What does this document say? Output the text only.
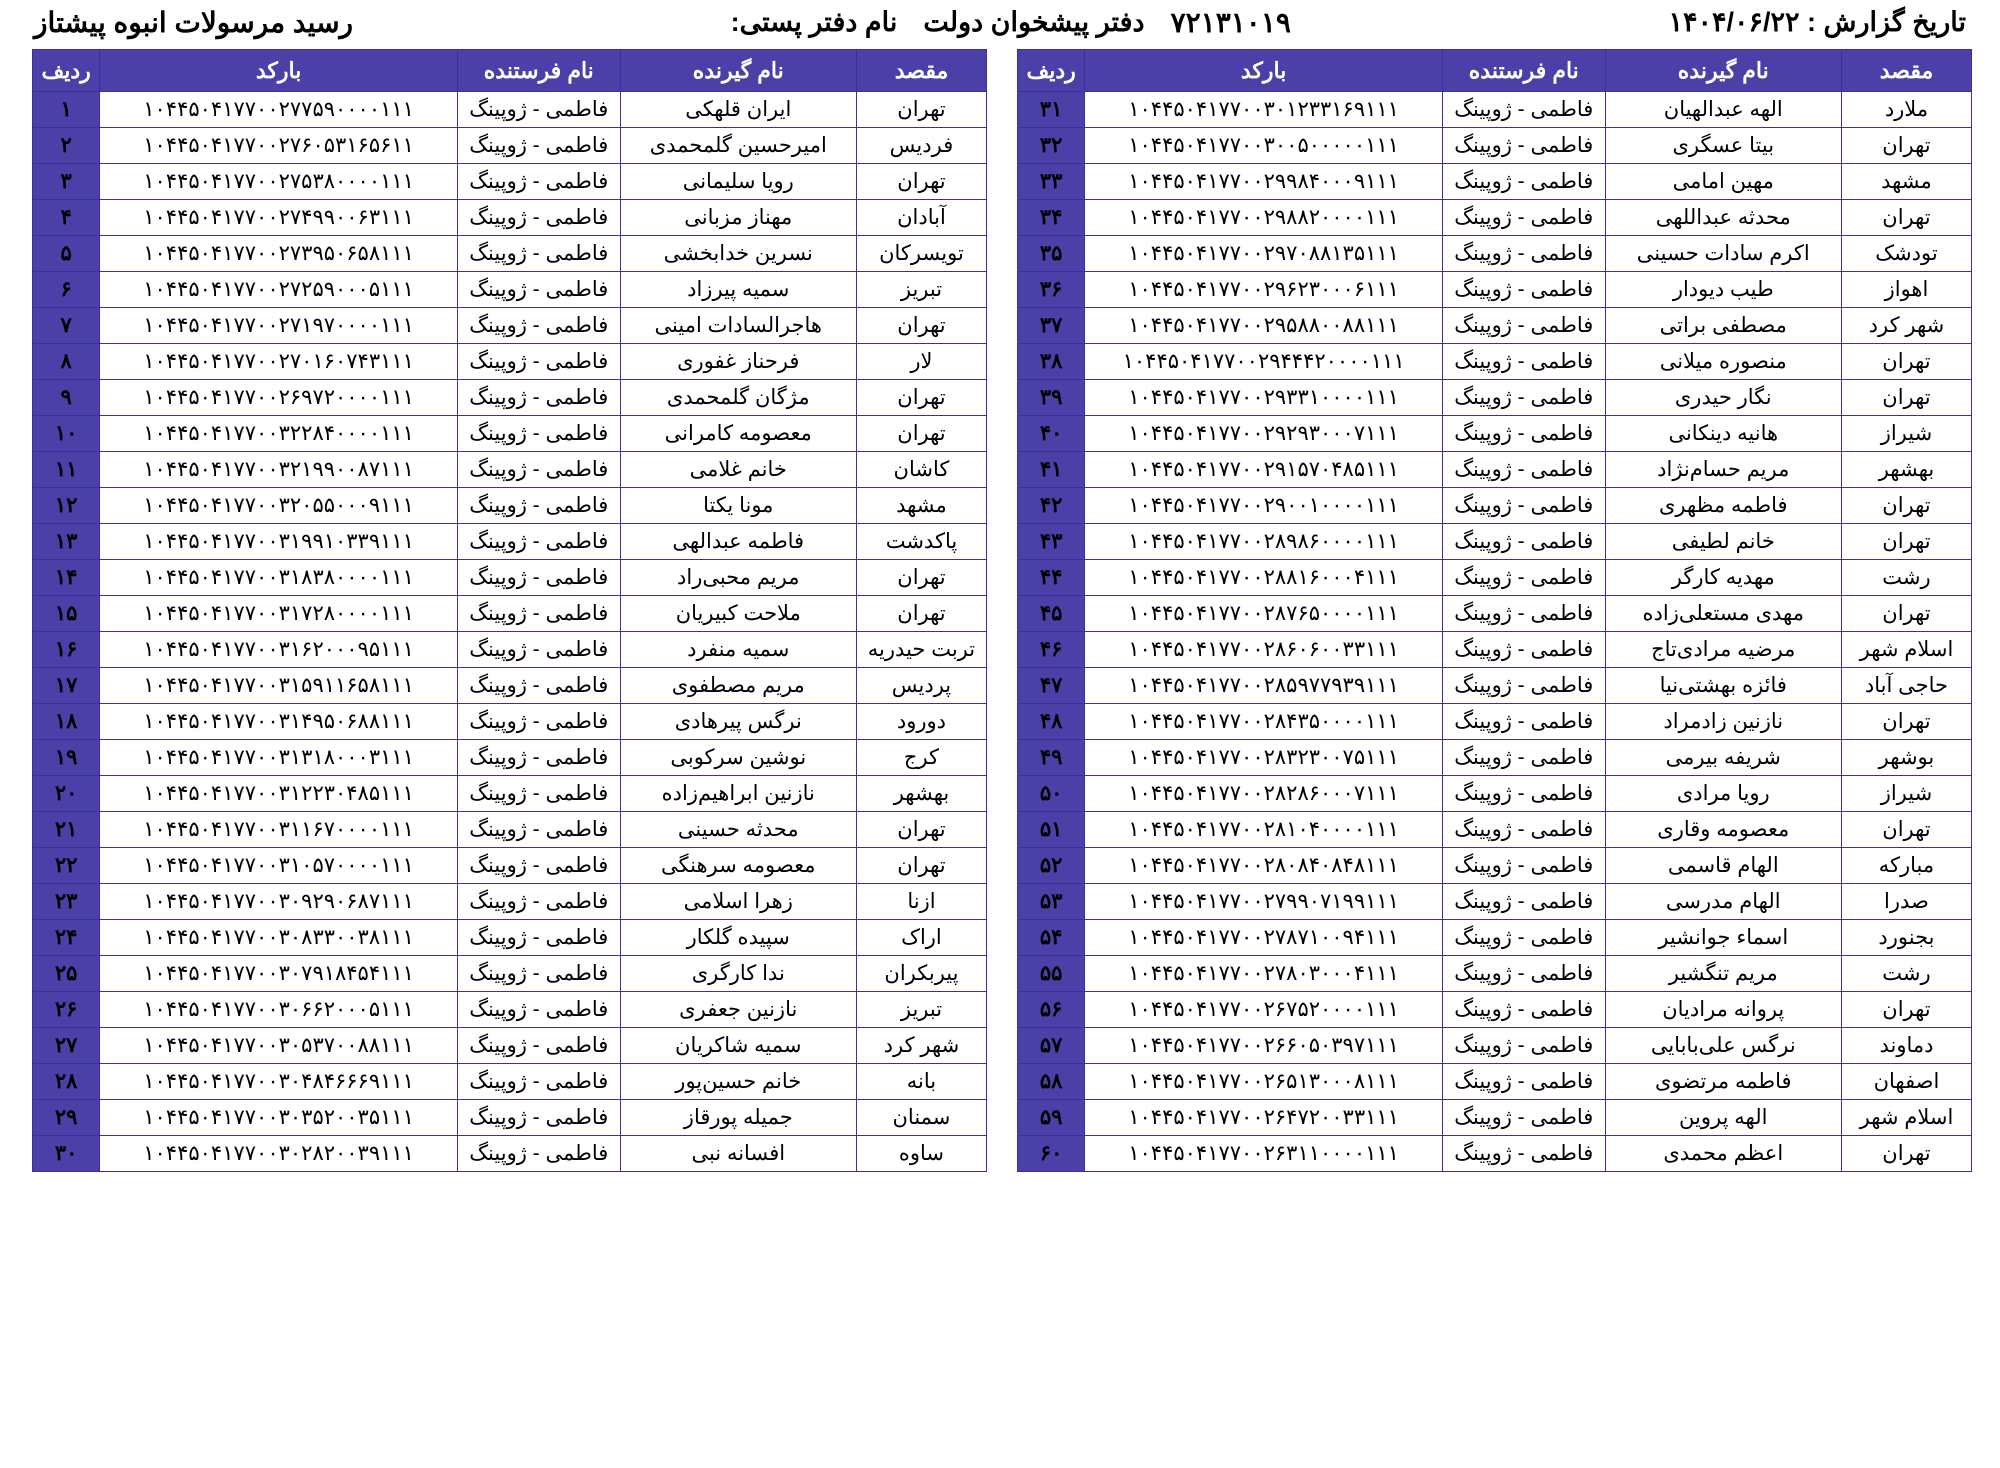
رسید مرسولات انبوه پیشتاز	نام دفتر پستی: دفتر پیشخوان دولت ۷۲۱۳۱۰۱۹	تاریخ گزارش : ۱۴۰۴/۰۶/۲۲
مقصد	نام گیرنده	نام فرستنده	بارکد	ردیف
ملارد	الهه عبدالهیان	فاطمی - ژوپینگ	۱۰۴۴۵۰۴۱۷۷۰۰۳۰۱۲۳۳۱۶۹۱۱۱	۳۱
تهران	بیتا عسگری	فاطمی - ژوپینگ	۱۰۴۴۵۰۴۱۷۷۰۰۳۰۰۵۰۰۰۰۰۱۱۱	۳۲
مشهد	مهین امامی	فاطمی - ژوپینگ	۱۰۴۴۵۰۴۱۷۷۰۰۲۹۹۸۴۰۰۰۹۱۱۱	۳۳
تهران	محدثه عبداللهی	فاطمی - ژوپینگ	۱۰۴۴۵۰۴۱۷۷۰۰۲۹۸۸۲۰۰۰۰۱۱۱	۳۴
تودشک	اکرم سادات حسینی	فاطمی - ژوپینگ	۱۰۴۴۵۰۴۱۷۷۰۰۲۹۷۰۸۸۱۳۵۱۱۱	۳۵
اهواز	طیب دیودار	فاطمی - ژوپینگ	۱۰۴۴۵۰۴۱۷۷۰۰۲۹۶۲۳۰۰۰۶۱۱۱	۳۶
شهر کرد	مصطفی براتی	فاطمی - ژوپینگ	۱۰۴۴۵۰۴۱۷۷۰۰۲۹۵۸۸۰۰۸۸۱۱۱	۳۷
تهران	منصوره میلانی	فاطمی - ژوپینگ	۱۰۴۴۵۰۴۱۷۷۰۰۲۹۴۴۴۲۰۰۰۰۱۱۱	۳۸
تهران	نگار حیدری	فاطمی - ژوپینگ	۱۰۴۴۵۰۴۱۷۷۰۰۲۹۳۳۱۰۰۰۰۱۱۱	۳۹
شیراز	هانیه دینکانی	فاطمی - ژوپینگ	۱۰۴۴۵۰۴۱۷۷۰۰۲۹۲۹۳۰۰۰۷۱۱۱	۴۰
بهشهر	مریم حسام‌نژاد	فاطمی - ژوپینگ	۱۰۴۴۵۰۴۱۷۷۰۰۲۹۱۵۷۰۴۸۵۱۱۱	۴۱
تهران	فاطمه مظهری	فاطمی - ژوپینگ	۱۰۴۴۵۰۴۱۷۷۰۰۲۹۰۰۱۰۰۰۰۱۱۱	۴۲
تهران	خانم لطیفی	فاطمی - ژوپینگ	۱۰۴۴۵۰۴۱۷۷۰۰۲۸۹۸۶۰۰۰۰۱۱۱	۴۳
رشت	مهدیه کارگر	فاطمی - ژوپینگ	۱۰۴۴۵۰۴۱۷۷۰۰۲۸۸۱۶۰۰۰۴۱۱۱	۴۴
تهران	مهدی مستعلی‌زاده	فاطمی - ژوپینگ	۱۰۴۴۵۰۴۱۷۷۰۰۲۸۷۶۵۰۰۰۰۱۱۱	۴۵
اسلام شهر	مرضیه مرادی‌تاج	فاطمی - ژوپینگ	۱۰۴۴۵۰۴۱۷۷۰۰۲۸۶۰۶۰۰۳۳۱۱۱	۴۶
حاجی آباد	فائزه بهشتی‌نیا	فاطمی - ژوپینگ	۱۰۴۴۵۰۴۱۷۷۰۰۲۸۵۹۷۷۹۳۹۱۱۱	۴۷
تهران	نازنین زادمراد	فاطمی - ژوپینگ	۱۰۴۴۵۰۴۱۷۷۰۰۲۸۴۳۵۰۰۰۰۱۱۱	۴۸
بوشهر	شریفه بیرمی	فاطمی - ژوپینگ	۱۰۴۴۵۰۴۱۷۷۰۰۲۸۳۲۳۰۰۷۵۱۱۱	۴۹
شیراز	رویا مرادی	فاطمی - ژوپینگ	۱۰۴۴۵۰۴۱۷۷۰۰۲۸۲۸۶۰۰۰۷۱۱۱	۵۰
تهران	معصومه وقاری	فاطمی - ژوپینگ	۱۰۴۴۵۰۴۱۷۷۰۰۲۸۱۰۴۰۰۰۰۱۱۱	۵۱
مبارکه	الهام قاسمی	فاطمی - ژوپینگ	۱۰۴۴۵۰۴۱۷۷۰۰۲۸۰۸۴۰۸۴۸۱۱۱	۵۲
صدرا	الهام مدرسی	فاطمی - ژوپینگ	۱۰۴۴۵۰۴۱۷۷۰۰۲۷۹۹۰۷۱۹۹۱۱۱	۵۳
بجنورد	اسماء جوانشیر	فاطمی - ژوپینگ	۱۰۴۴۵۰۴۱۷۷۰۰۲۷۸۷۱۰۰۹۴۱۱۱	۵۴
رشت	مریم تنگشیر	فاطمی - ژوپینگ	۱۰۴۴۵۰۴۱۷۷۰۰۲۷۸۰۳۰۰۰۴۱۱۱	۵۵
تهران	پروانه مرادیان	فاطمی - ژوپینگ	۱۰۴۴۵۰۴۱۷۷۰۰۲۶۷۵۲۰۰۰۰۱۱۱	۵۶
دماوند	نرگس علی‌بابایی	فاطمی - ژوپینگ	۱۰۴۴۵۰۴۱۷۷۰۰۲۶۶۰۵۰۳۹۷۱۱۱	۵۷
اصفهان	فاطمه مرتضوی	فاطمی - ژوپینگ	۱۰۴۴۵۰۴۱۷۷۰۰۲۶۵۱۳۰۰۰۸۱۱۱	۵۸
اسلام شهر	الهه پروین	فاطمی - ژوپینگ	۱۰۴۴۵۰۴۱۷۷۰۰۲۶۴۷۲۰۰۳۳۱۱۱	۵۹
تهران	اعظم محمدی	فاطمی - ژوپینگ	۱۰۴۴۵۰۴۱۷۷۰۰۲۶۳۱۱۰۰۰۰۱۱۱	۶۰
مقصد	نام گیرنده	نام فرستنده	بارکد	ردیف
تهران	ایران قلهکی	فاطمی - ژوپینگ	۱۰۴۴۵۰۴۱۷۷۰۰۲۷۷۵۹۰۰۰۰۱۱۱	۱
فردیس	امیرحسین گلمحمدی	فاطمی - ژوپینگ	۱۰۴۴۵۰۴۱۷۷۰۰۲۷۶۰۵۳۱۶۵۶۱۱	۲
تهران	رویا سلیمانی	فاطمی - ژوپینگ	۱۰۴۴۵۰۴۱۷۷۰۰۲۷۵۳۸۰۰۰۰۱۱۱	۳
آبادان	مهناز مزبانی	فاطمی - ژوپینگ	۱۰۴۴۵۰۴۱۷۷۰۰۲۷۴۹۹۰۰۶۳۱۱۱	۴
تویسرکان	نسرین خدابخشی	فاطمی - ژوپینگ	۱۰۴۴۵۰۴۱۷۷۰۰۲۷۳۹۵۰۶۵۸۱۱۱	۵
تبریز	سمیه پیرزاد	فاطمی - ژوپینگ	۱۰۴۴۵۰۴۱۷۷۰۰۲۷۲۵۹۰۰۰۵۱۱۱	۶
تهران	هاجرالسادات امینی	فاطمی - ژوپینگ	۱۰۴۴۵۰۴۱۷۷۰۰۲۷۱۹۷۰۰۰۰۱۱۱	۷
لار	فرحناز غفوری	فاطمی - ژوپینگ	۱۰۴۴۵۰۴۱۷۷۰۰۲۷۰۱۶۰۷۴۳۱۱۱	۸
تهران	مژگان گلمحمدی	فاطمی - ژوپینگ	۱۰۴۴۵۰۴۱۷۷۰۰۲۶۹۷۲۰۰۰۰۱۱۱	۹
تهران	معصومه کامرانی	فاطمی - ژوپینگ	۱۰۴۴۵۰۴۱۷۷۰۰۳۲۲۸۴۰۰۰۰۱۱۱	۱۰
کاشان	خانم غلامی	فاطمی - ژوپینگ	۱۰۴۴۵۰۴۱۷۷۰۰۳۲۱۹۹۰۰۸۷۱۱۱	۱۱
مشهد	مونا یکتا	فاطمی - ژوپینگ	۱۰۴۴۵۰۴۱۷۷۰۰۳۲۰۵۵۰۰۰۹۱۱۱	۱۲
پاکدشت	فاطمه عبدالهی	فاطمی - ژوپینگ	۱۰۴۴۵۰۴۱۷۷۰۰۳۱۹۹۱۰۳۳۹۱۱۱	۱۳
تهران	مریم محبی‌راد	فاطمی - ژوپینگ	۱۰۴۴۵۰۴۱۷۷۰۰۳۱۸۳۸۰۰۰۰۱۱۱	۱۴
تهران	ملاحت کبیریان	فاطمی - ژوپینگ	۱۰۴۴۵۰۴۱۷۷۰۰۳۱۷۲۸۰۰۰۰۱۱۱	۱۵
تربت حیدریه	سمیه منفرد	فاطمی - ژوپینگ	۱۰۴۴۵۰۴۱۷۷۰۰۳۱۶۲۰۰۰۹۵۱۱۱	۱۶
پردیس	مریم مصطفوی	فاطمی - ژوپینگ	۱۰۴۴۵۰۴۱۷۷۰۰۳۱۵۹۱۱۶۵۸۱۱۱	۱۷
دورود	نرگس پیرهادی	فاطمی - ژوپینگ	۱۰۴۴۵۰۴۱۷۷۰۰۳۱۴۹۵۰۶۸۸۱۱۱	۱۸
کرج	نوشین سرکوبی	فاطمی - ژوپینگ	۱۰۴۴۵۰۴۱۷۷۰۰۳۱۳۱۸۰۰۰۳۱۱۱	۱۹
بهشهر	نازنین ابراهیم‌زاده	فاطمی - ژوپینگ	۱۰۴۴۵۰۴۱۷۷۰۰۳۱۲۲۳۰۴۸۵۱۱۱	۲۰
تهران	محدثه حسینی	فاطمی - ژوپینگ	۱۰۴۴۵۰۴۱۷۷۰۰۳۱۱۶۷۰۰۰۰۱۱۱	۲۱
تهران	معصومه سرهنگی	فاطمی - ژوپینگ	۱۰۴۴۵۰۴۱۷۷۰۰۳۱۰۵۷۰۰۰۰۱۱۱	۲۲
ازنا	زهرا اسلامی	فاطمی - ژوپینگ	۱۰۴۴۵۰۴۱۷۷۰۰۳۰۹۲۹۰۶۸۷۱۱۱	۲۳
اراک	سپیده گلکار	فاطمی - ژوپینگ	۱۰۴۴۵۰۴۱۷۷۰۰۳۰۸۳۳۰۰۳۸۱۱۱	۲۴
پیربکران	ندا کارگری	فاطمی - ژوپینگ	۱۰۴۴۵۰۴۱۷۷۰۰۳۰۷۹۱۸۴۵۴۱۱۱	۲۵
تبریز	نازنین جعفری	فاطمی - ژوپینگ	۱۰۴۴۵۰۴۱۷۷۰۰۳۰۶۶۲۰۰۰۵۱۱۱	۲۶
شهر کرد	سمیه شاکریان	فاطمی - ژوپینگ	۱۰۴۴۵۰۴۱۷۷۰۰۳۰۵۳۷۰۰۸۸۱۱۱	۲۷
بانه	خانم حسین‌پور	فاطمی - ژوپینگ	۱۰۴۴۵۰۴۱۷۷۰۰۳۰۴۸۴۶۶۶۹۱۱۱	۲۸
سمنان	جمیله پورقاز	فاطمی - ژوپینگ	۱۰۴۴۵۰۴۱۷۷۰۰۳۰۳۵۲۰۰۳۵۱۱۱	۲۹
ساوه	افسانه نبی	فاطمی - ژوپینگ	۱۰۴۴۵۰۴۱۷۷۰۰۳۰۲۸۲۰۰۳۹۱۱۱	۳۰
